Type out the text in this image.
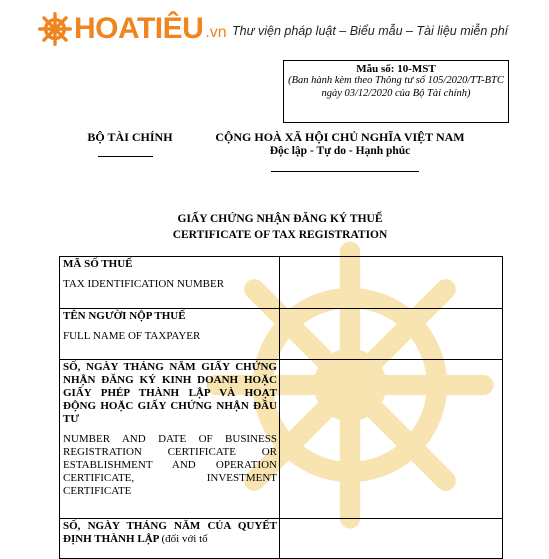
HOATIÊU .vn Thư viện pháp luật – Biểu mẫu – Tài liệu miễn phí
Mẫu số: 10-MST
(Ban hành kèm theo Thông tư số 105/2020/TT-BTC ngày 03/12/2020 của Bộ Tài chính)
BỘ TÀI CHÍNH	CỘNG HOÀ XÃ HỘI CHỦ NGHĨA VIỆT NAM
Độc lập - Tự do - Hạnh phúc
GIẤY CHỨNG NHẬN ĐĂNG KÝ THUẾ
CERTIFICATE OF TAX REGISTRATION
MÃ SỐ THUẾ
TAX IDENTIFICATION NUMBER	

TÊN NGƯỜI NỘP THUẾ
FULL NAME OF TAXPAYER	

SỐ, NGÀY THÁNG NĂM GIẤY CHỨNG NHẬN ĐĂNG KÝ KINH DOANH HOẶC GIẤY PHÉP THÀNH LẬP VÀ HOẠT ĐỘNG HOẶC GIẤY CHỨNG NHẬN ĐẦU TƯ
NUMBER AND DATE OF BUSINESS REGISTRATION CERTIFICATE OR ESTABLISHMENT AND OPERATION CERTIFICATE, INVESTMENT CERTIFICATE	

SỐ, NGÀY THÁNG NĂM CỦA QUYẾT ĐỊNH THÀNH LẬP (đối với tổ	
